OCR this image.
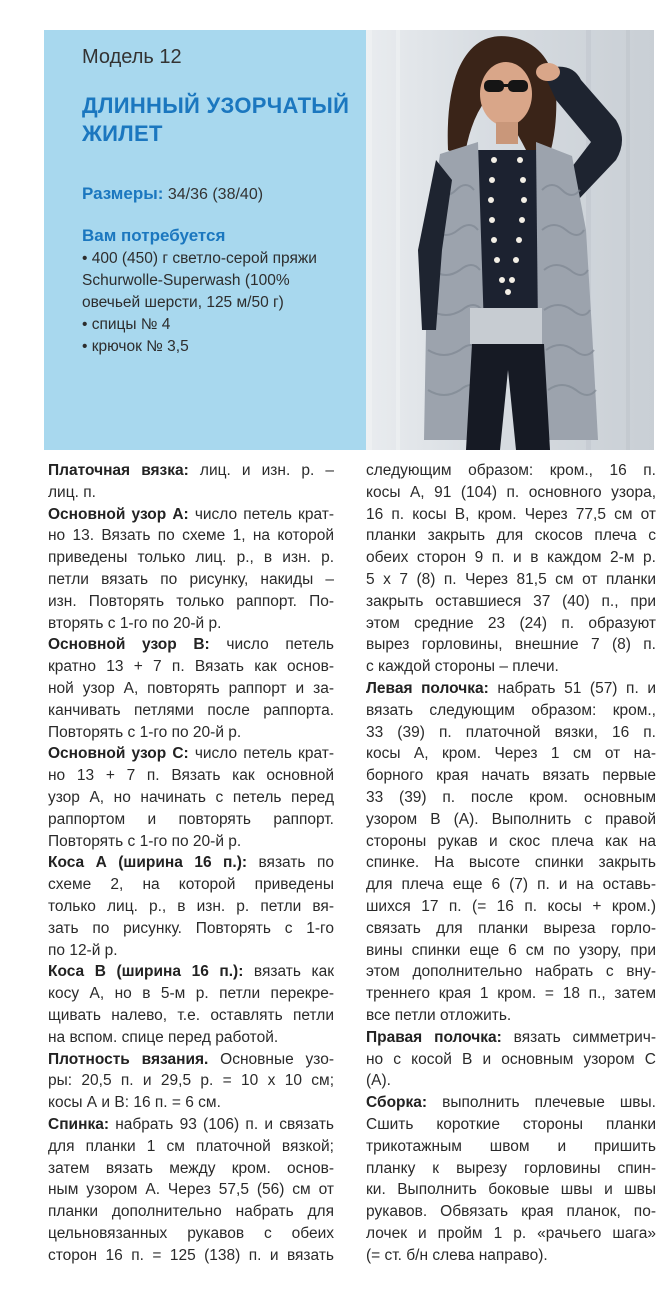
Модель 12
ДЛИННЫЙ УЗОРЧАТЫЙ
ЖИЛЕТ
Размеры: 34/36 (38/40)
Вам потребуется
• 400 (450) г светло-серой пряжи
Schurwolle-Superwash (100%
овечьей шерсти, 125 м/50 г)
• спицы № 4
• крючок № 3,5
Платочная вязка: лиц. и изн. р. –
лиц. п.
Основной узор А: число петель крат-
но 13. Вязать по схеме 1, на которой
приведены только лиц. р., в изн. р.
петли вязать по рисунку, накиды –
изн. Повторять только раппорт. По-
вторять с 1-го по 20-й р.
Основной узор В: число петель
кратно 13 + 7 п. Вязать как основ-
ной узор А, повторять раппорт и за-
канчивать петлями после раппорта.
Повторять с 1-го по 20-й р.
Основной узор С: число петель крат-
но 13 + 7 п. Вязать как основной
узор А, но начинать с петель перед
раппортом и повторять раппорт.
Повторять с 1-го по 20-й р.
Коса А (ширина 16 п.): вязать по
схеме 2, на которой приведены
только лиц. р., в изн. р. петли вя-
зать по рисунку. Повторять с 1-го
по 12-й р.
Коса В (ширина 16 п.): вязать как
косу А, но в 5-м р. петли перекре-
щивать налево, т.е. оставлять петли
на вспом. спице перед работой.
Плотность вязания. Основные узо-
ры: 20,5 п. и 29,5 р. = 10 х 10 см;
косы А и В: 16 п. = 6 см.
Спинка: набрать 93 (106) п. и связать
для планки 1 см платочной вязкой;
затем вязать между кром. основ-
ным узором А. Через 57,5 (56) см от
планки дополнительно набрать для
цельновязанных рукавов с обеих
сторон 16 п. = 125 (138) п. и вязать
следующим образом: кром., 16 п.
косы А, 91 (104) п. основного узора,
16 п. косы В, кром. Через 77,5 см от
планки закрыть для скосов плеча с
обеих сторон 9 п. и в каждом 2-м р.
5 х 7 (8) п. Через 81,5 см от планки
закрыть оставшиеся 37 (40) п., при
этом средние 23 (24) п. образуют
вырез горловины, внешние 7 (8) п.
с каждой стороны – плечи.
Левая полочка: набрать 51 (57) п. и
вязать следующим образом: кром.,
33 (39) п. платочной вязки, 16 п.
косы А, кром. Через 1 см от на-
борного края начать вязать первые
33 (39) п. после кром. основным
узором В (А). Выполнить с правой
стороны рукав и скос плеча как на
спинке. На высоте спинки закрыть
для плеча еще 6 (7) п. и на оставь-
шихся 17 п. (= 16 п. косы + кром.)
связать для планки выреза горло-
вины спинки еще 6 см по узору, при
этом дополнительно набрать с вну-
треннего края 1 кром. = 18 п., затем
все петли отложить.
Правая полочка: вязать симметрич-
но с косой В и основным узором С
(А).
Сборка: выполнить плечевые швы.
Сшить короткие стороны планки
трикотажным швом и пришить
планку к вырезу горловины спин-
ки. Выполнить боковые швы и швы
рукавов. Обвязать края планок, по-
лочек и пройм 1 р. «рачьего шага»
(= ст. б/н слева направо).
